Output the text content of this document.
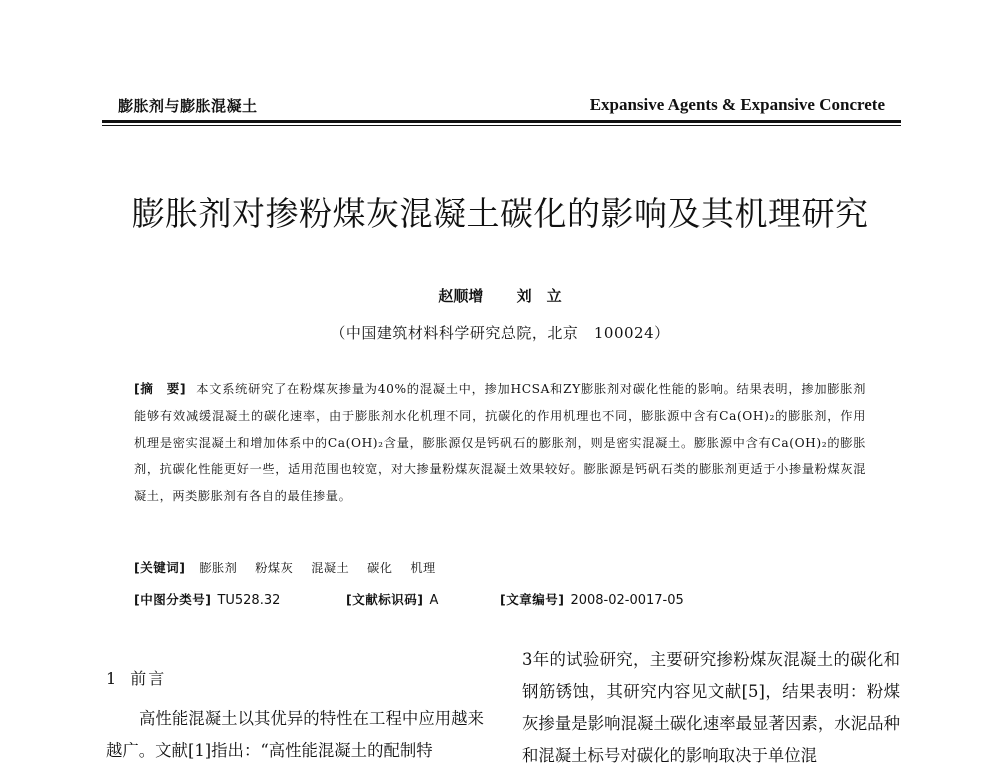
膨胀剂与膨胀混凝土	Expansive Agents & Expansive Concrete
膨胀剂对掺粉煤灰混凝土碳化的影响及其机理研究
赵顺增 刘　立
（中国建筑材料科学研究总院，北京　100024）
[摘　要] 本文系统研究了在粉煤灰掺量为40%的混凝土中，掺加HCSA和ZY膨胀剂对碳化性能的影响。结果表明，掺加膨胀剂能够有效减缓混凝土的碳化速率，由于膨胀剂水化机理不同，抗碳化的作用机理也不同，膨胀源中含有Ca(OH)₂的膨胀剂，作用机理是密实混凝土和增加体系中的Ca(OH)₂含量，膨胀源仅是钙矾石的膨胀剂，则是密实混凝土。膨胀源中含有Ca(OH)₂的膨胀剂，抗碳化性能更好一些，适用范围也较宽，对大掺量粉煤灰混凝土效果较好。膨胀源是钙矾石类的膨胀剂更适于小掺量粉煤灰混凝土，两类膨胀剂有各自的最佳掺量。
[关键词] 膨胀剂 粉煤灰 混凝土 碳化 机理
[中图分类号] TU528.32	[文献标识码] A	[文章编号] 2008-02-0017-05
1 前言

高性能混凝土以其优异的特性在工程中应用越来越广。文献[1]指出：“高性能混凝土的配制特

3年的试验研究，主要研究掺粉煤灰混凝土的碳化和钢筋锈蚀，其研究内容见文献[5]，结果表明：粉煤灰掺量是影响混凝土碳化速率最显著因素，水泥品种和混凝土标号对碳化的影响取决于单位混
